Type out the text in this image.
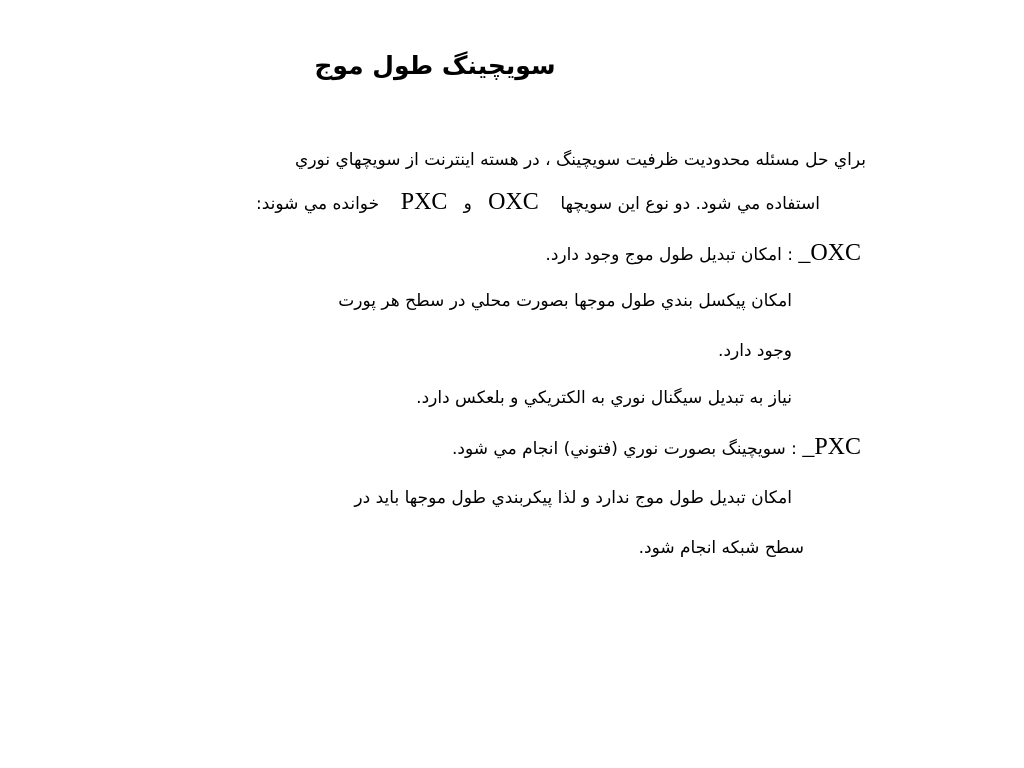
سویچینگ طول موج
براي حل مسئله محدوديت ظرفيت سويچينگ ، در هسته اينترنت از سويچهاي نوري
استفاده مي شود. دو نوع اين سويچها    OXC   و   PXC    خوانده مي شوند:
OXC_ : امكان تبديل طول موج وجود دارد.
امكان پيكسل بندي طول موجها بصورت محلي در سطح هر پورت
وجود دارد.
نياز به تبديل سيگنال نوري به الكتريكي و بلعكس دارد.
PXC_ : سويچينگ بصورت نوري (فتوني) انجام مي شود.
امكان تبديل طول موج ندارد و لذا پيكربندي طول موجها بايد در
سطح شبكه انجام شود.
